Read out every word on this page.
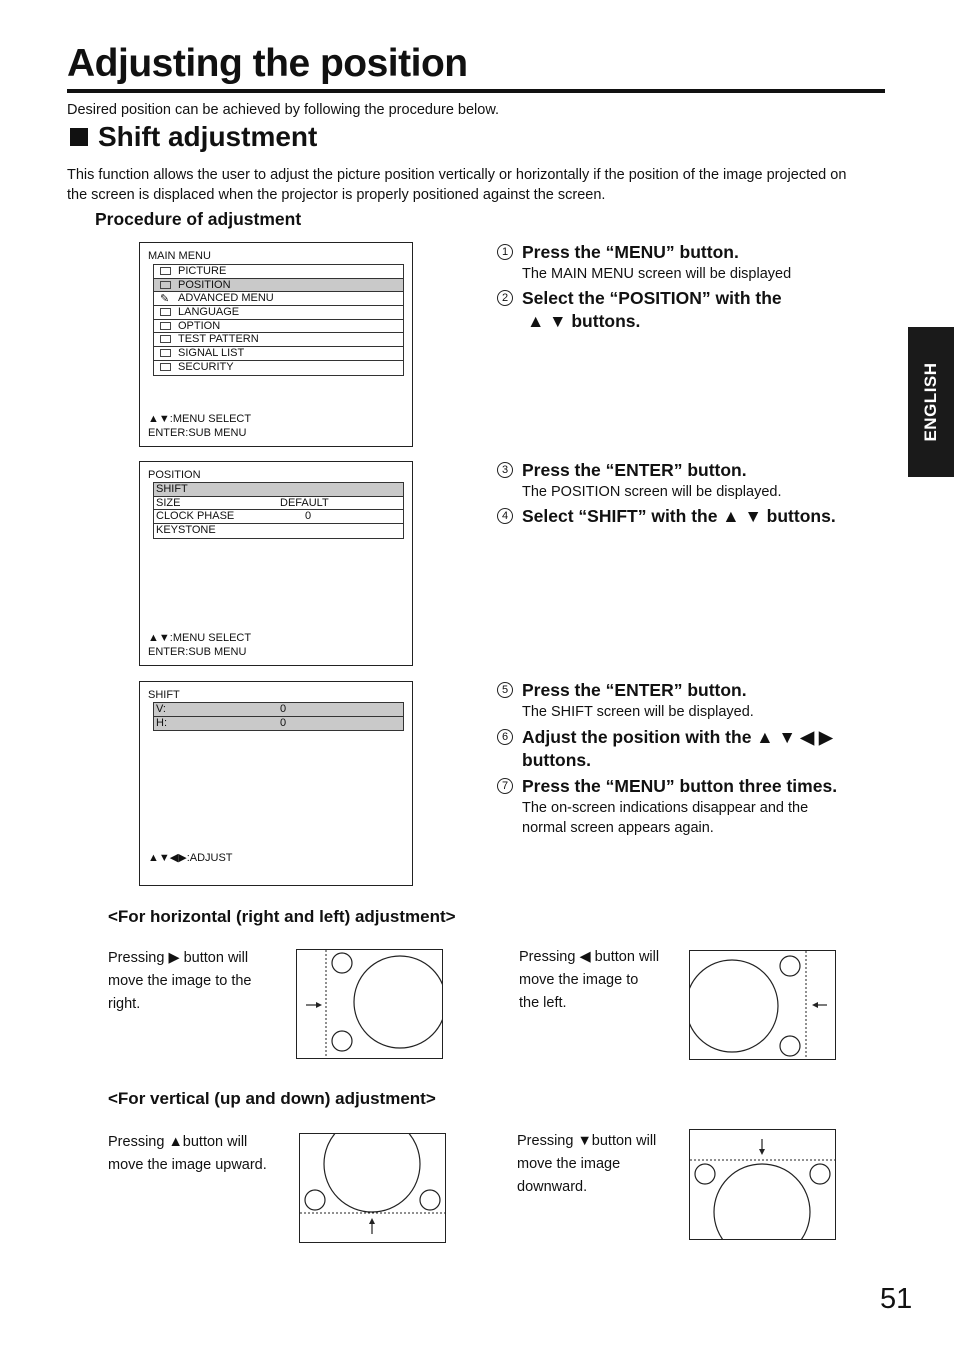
Adjusting the position
Desired position can be achieved by following the procedure below.
Shift adjustment
This function allows the user to adjust the picture position vertically or horizontally if the position of the image projected on the screen is displaced when the projector is properly positioned against the screen.
Procedure of adjustment
ENGLISH
MAIN MENU
PICTURE
POSITION
✎ ADVANCED MENU
LANGUAGE
OPTION
TEST PATTERN
SIGNAL LIST
SECURITY
▲▼:MENU SELECT
ENTER:SUB MENU
POSITION
SHIFT
SIZE	DEFAULT
CLOCK PHASE	0
KEYSTONE
▲▼:MENU SELECT
ENTER:SUB MENU
SHIFT
V:	0
H:	0
▲▼◀▶:ADJUST
1 Press the “MENU” button.
The MAIN MENU screen will be displayed
2 Select the “POSITION” with the
▲ ▼ buttons.
3 Press the “ENTER” button.
The POSITION screen will be displayed.
4 Select “SHIFT” with the ▲ ▼ buttons.
5 Press the “ENTER” button.
The SHIFT screen will be displayed.
6 Adjust the position with the ▲ ▼ ◀ ▶
buttons.
7 Press the “MENU” button three times.
The on-screen indications disappear and the
normal screen appears again.
<For horizontal (right and left) adjustment>
Pressing ▶ button will
move the image to the
right.
Pressing ◀ button will
move the image to
the left.
<For vertical (up and down) adjustment>
Pressing ▲button will
move the image upward.
Pressing ▼button will
move the image
downward.
51
